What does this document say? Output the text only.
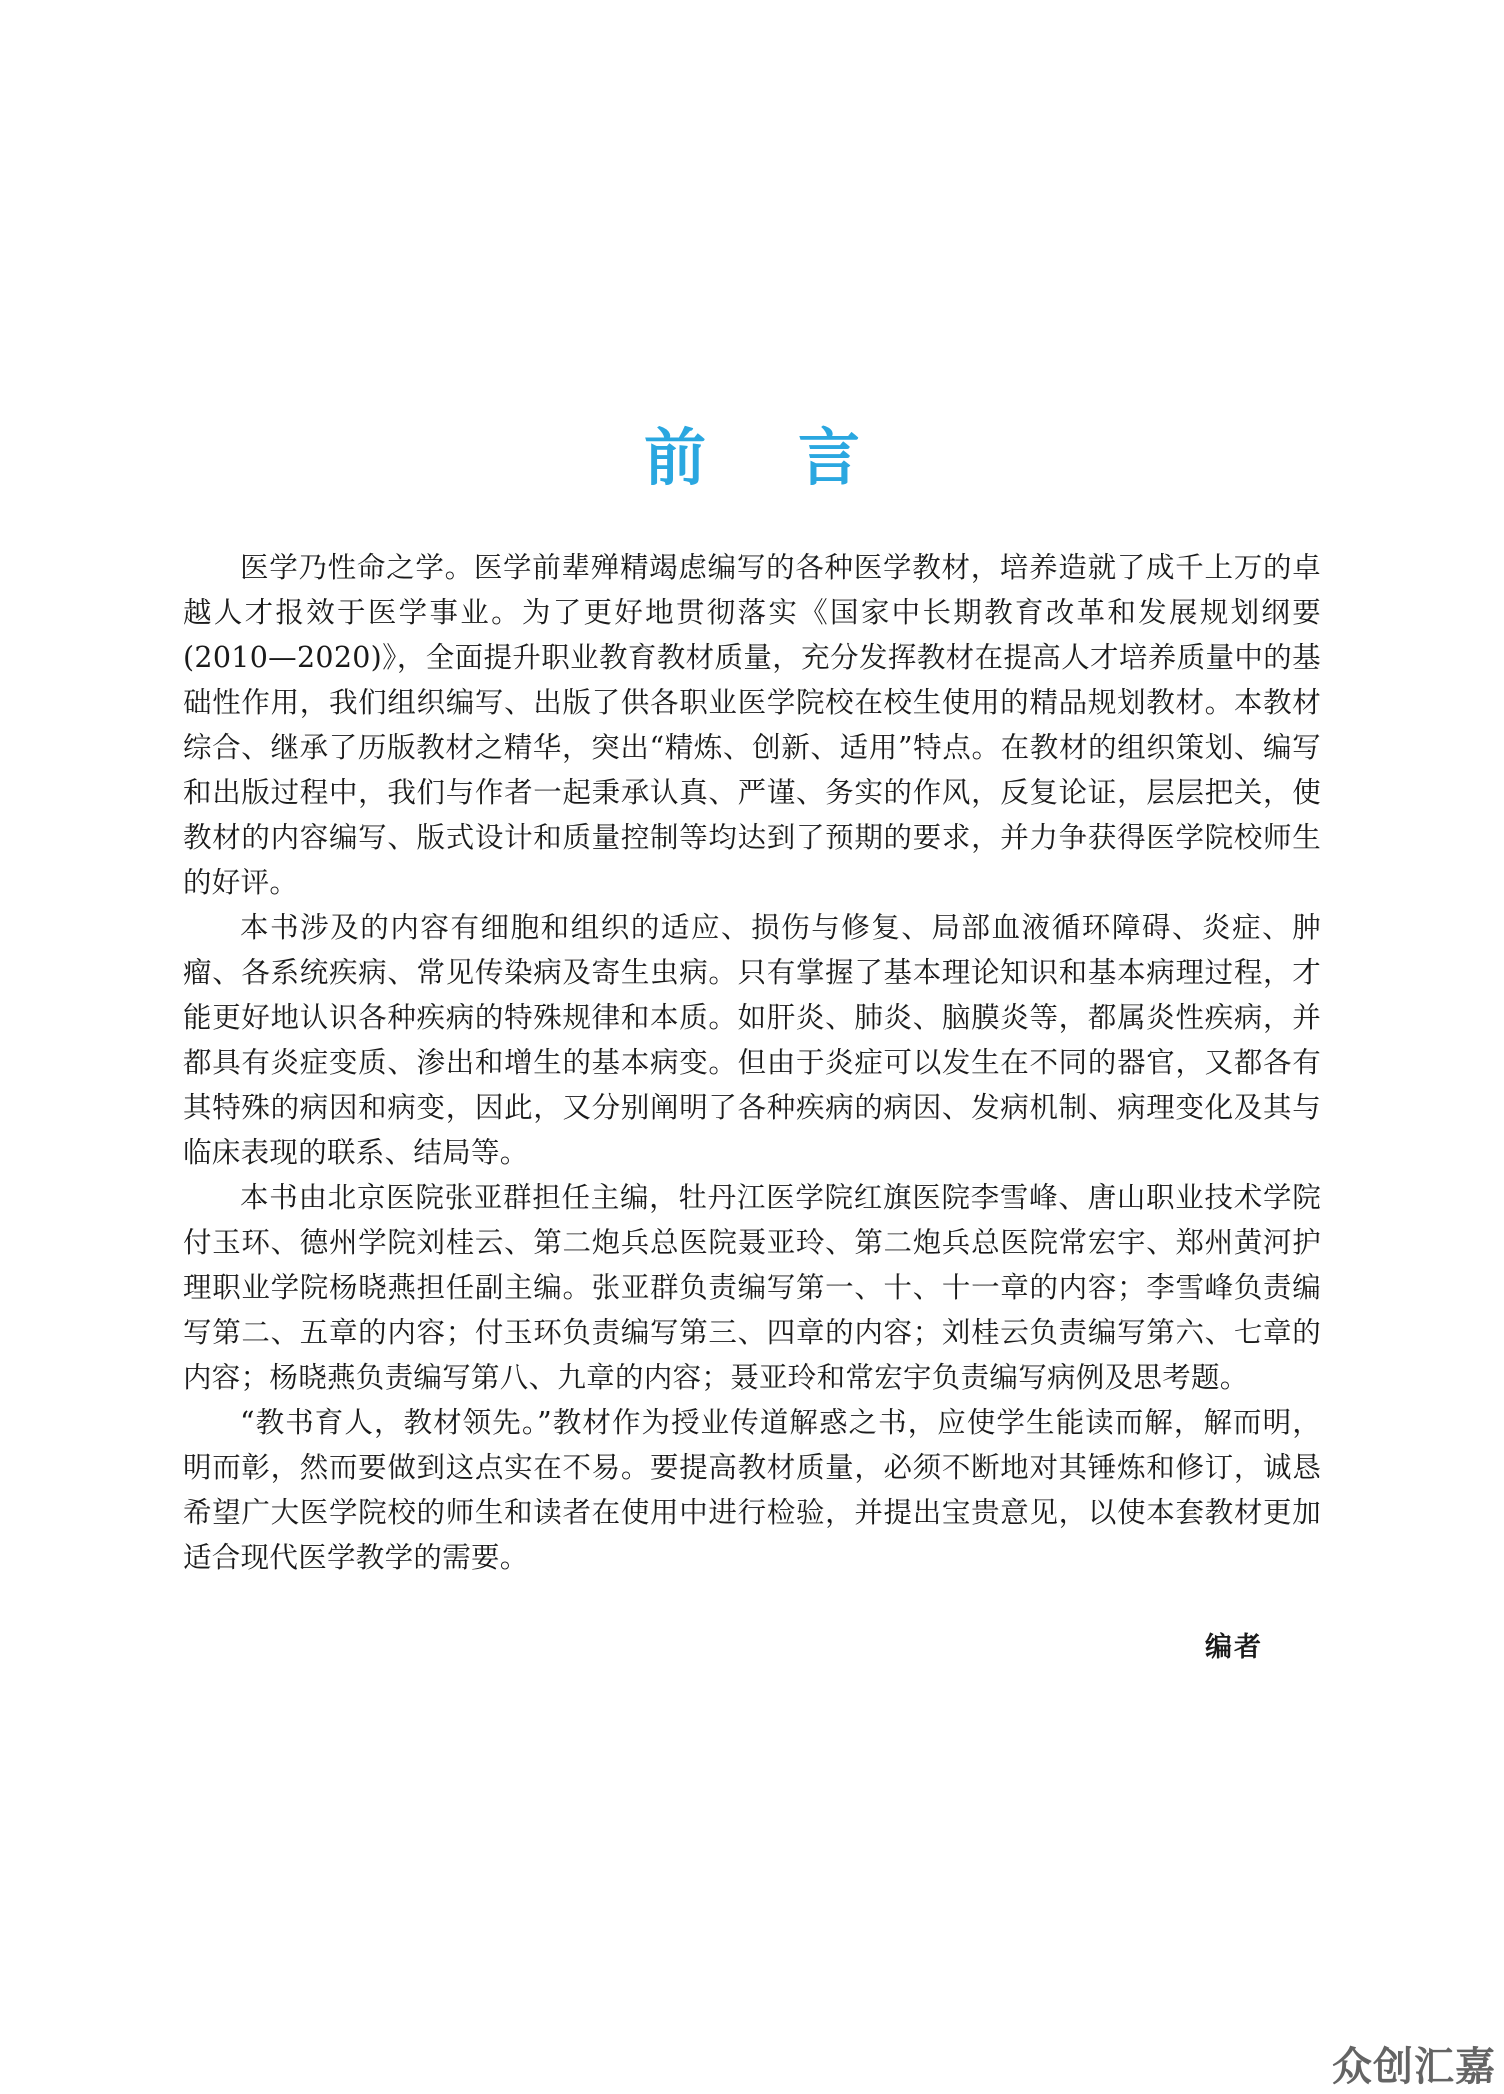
前言

医学乃性命之学。医学前辈殚精竭虑编写的各种医学教材，培养造就了成千上万的卓越人才报效于医学事业。为了更好地贯彻落实《国家中长期教育改革和发展规划纲要(2010—2020)》，全面提升职业教育教材质量，充分发挥教材在提高人才培养质量中的基础性作用，我们组织编写、出版了供各职业医学院校在校生使用的精品规划教材。本教材综合、继承了历版教材之精华，突出“精炼、创新、适用”特点。在教材的组织策划、编写和出版过程中，我们与作者一起秉承认真、严谨、务实的作风，反复论证，层层把关，使教材的内容编写、版式设计和质量控制等均达到了预期的要求，并力争获得医学院校师生的好评。

本书涉及的内容有细胞和组织的适应、损伤与修复、局部血液循环障碍、炎症、肿瘤、各系统疾病、常见传染病及寄生虫病。只有掌握了基本理论知识和基本病理过程，才能更好地认识各种疾病的特殊规律和本质。如肝炎、肺炎、脑膜炎等，都属炎性疾病，并都具有炎症变质、渗出和增生的基本病变。但由于炎症可以发生在不同的器官，又都各有其特殊的病因和病变，因此，又分别阐明了各种疾病的病因、发病机制、病理变化及其与临床表现的联系、结局等。

本书由北京医院张亚群担任主编，牡丹江医学院红旗医院李雪峰、唐山职业技术学院付玉环、德州学院刘桂云、第二炮兵总医院聂亚玲、第二炮兵总医院常宏宇、郑州黄河护理职业学院杨晓燕担任副主编。张亚群负责编写第一、十、十一章的内容；李雪峰负责编写第二、五章的内容；付玉环负责编写第三、四章的内容；刘桂云负责编写第六、七章的内容；杨晓燕负责编写第八、九章的内容；聂亚玲和常宏宇负责编写病例及思考题。

“教书育人，教材领先。”教材作为授业传道解惑之书，应使学生能读而解，解而明，明而彰，然而要做到这点实在不易。要提高教材质量，必须不断地对其锤炼和修订，诚恳希望广大医学院校的师生和读者在使用中进行检验，并提出宝贵意见，以使本套教材更加适合现代医学教学的需要。

编者
众创汇嘉
